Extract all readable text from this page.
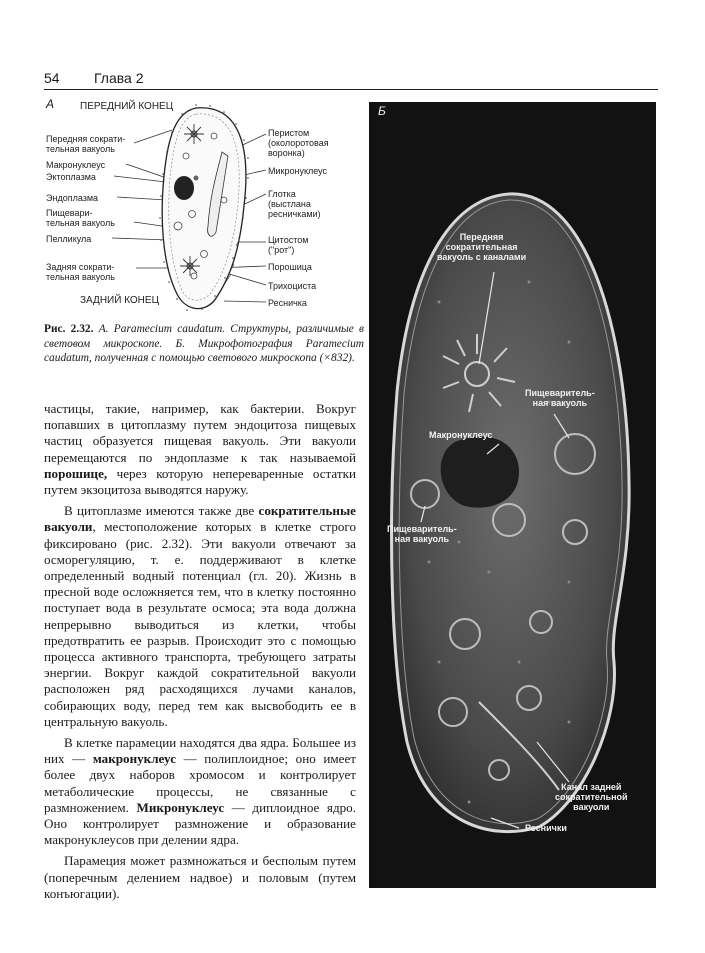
54 Глава 2
А	ПЕРЕДНИЙ КОНЕЦ
ЗАДНИЙ КОНЕЦ
Передняя сократи-
тельная вакуоль
Макронуклеус
Эктоплазма
Эндоплазма
Пищевари-
тельная вакуоль
Пелликула
Задняя сократи-
тельная вакуоль
Перистом
(околоротовая
воронка)
Микронуклеус
Глотка
(выстлана
ресничками)
Цитостом
("рот")
Порошица
Трихоциста
Ресничка
Рис. 2.32. А. Paramecium caudatum. Структуры, различимые в световом микроскопе. Б. Микрофотография Paramecium caudatum, полученная с помощью светового микроскопа (×832).
Б
Передняя
сократительная
вакуоль с каналами
Пищеваритель-
ная вакуоль
Макронуклеус
Пищеваритель-
ная вакуоль
Канал задней
сократительной
вакуоли
Реснички

частицы, такие, например, как бактерии. Вокруг попавших в цитоплазму путем эндоцитоза пищевых частиц образуется пищевая вакуоль. Эти вакуоли перемещаются по эндоплазме к так называемой порошице, через которую непереваренные остатки путем экзоцитоза выводятся наружу.

В цитоплазме имеются также две сократительные вакуоли, местоположение которых в клетке строго фиксировано (рис. 2.32). Эти вакуоли отвечают за осморегуляцию, т. е. поддерживают в клетке определенный водный потенциал (гл. 20). Жизнь в пресной воде осложняется тем, что в клетку постоянно поступает вода в результате осмоса; эта вода должна непрерывно выводиться из клетки, чтобы предотвратить ее разрыв. Происходит это с помощью процесса активного транспорта, требующего затраты энергии. Вокруг каждой сократительной вакуоли расположен ряд расходящихся лучами каналов, собирающих воду, перед тем как высвободить ее в центральную вакуоль.

В клетке парамеции находятся два ядра. Большее из них — макронуклеус — полиплоидное; оно имеет более двух наборов хромосом и контролирует метаболические процессы, не связанные с размножением. Микронуклеус — диплоидное ядро. Оно контролирует размножение и образование макронуклеусов при делении ядра.

Парамеция может размножаться и бесполым путем (поперечным делением надвое) и половым (путем конъюгации).
